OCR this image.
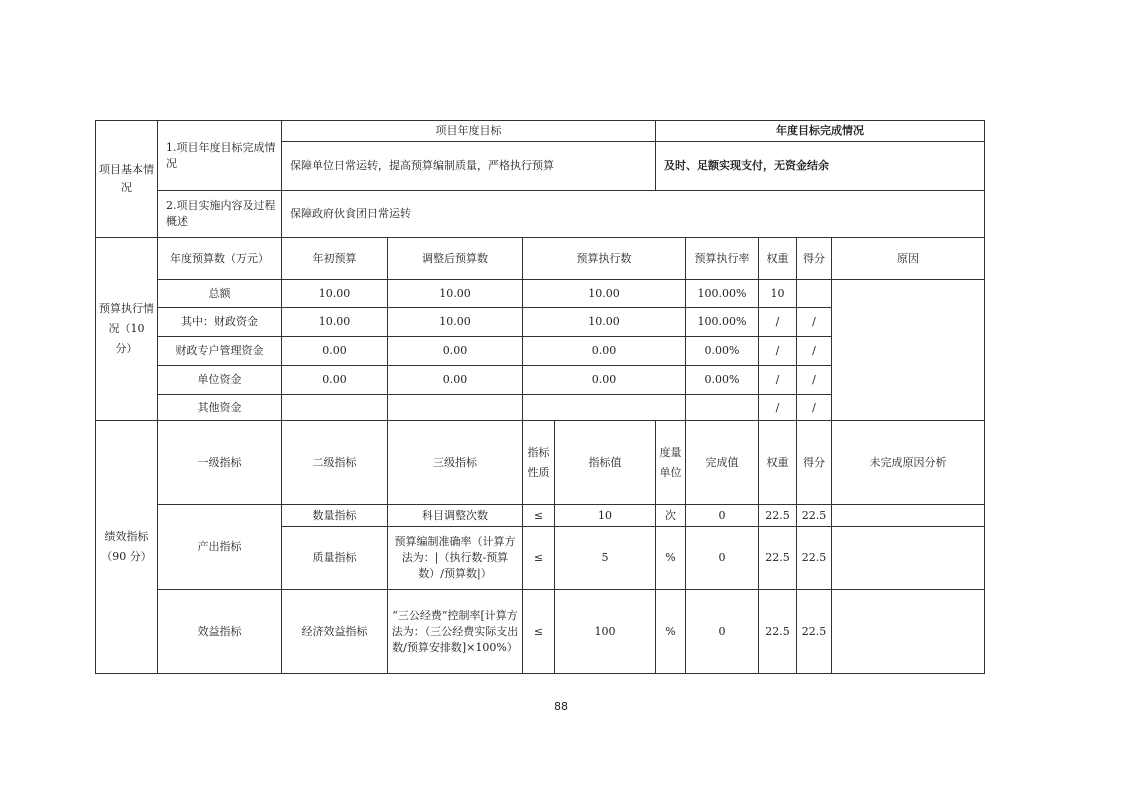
项目基本情况	1.项目年度目标完成情况	项目年度目标				年度目标完成情况				
		保障单位日常运转，提高预算编制质量，严格执行预算				及时、足额实现支付，无资金结余				
	2.项目实施内容及过程概述	保障政府伙食团日常运转								
预算执行情况（10 分）	年度预算数（万元）	年初预算	调整后预算数	预算执行数			预算执行率	权重	得分	原因
	总额	10.00	10.00	10.00			100.00%	10		
	其中：财政资金	10.00	10.00	10.00			100.00%	/	/	
	财政专户管理资金	0.00	0.00	0.00			0.00%	/	/	
	单位资金	0.00	0.00	0.00			0.00%	/	/	
	其他资金							/	/	
绩效指标（90 分）	一级指标	二级指标	三级指标	指标性质	指标值	度量单位	完成值	权重	得分	未完成原因分析
	产出指标	数量指标	科目调整次数	≤	10	次	0	22.5	22.5	
		质量指标	预算编制准确率（计算方法为：|（执行数-预算数）/预算数|）	≤	5	%	0	22.5	22.5	
	效益指标	经济效益指标	“三公经费”控制率[计算方法为：（三公经费实际支出数/预算安排数]×100%）	≤	100	%	0	22.5	22.5	
88
